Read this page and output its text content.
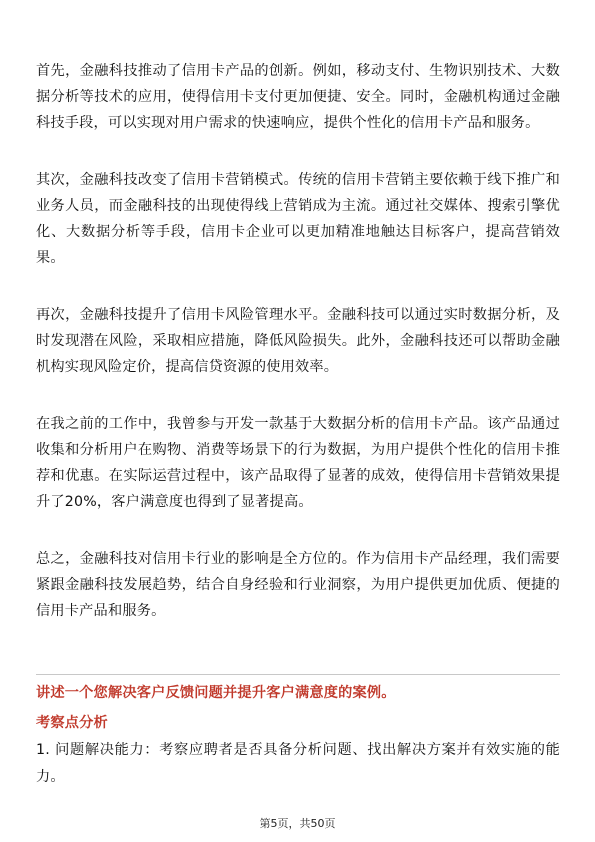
首先，金融科技推动了信用卡产品的创新。例如，移动支付、生物识别技术、大数据分析等技术的应用，使得信用卡支付更加便捷、安全。同时，金融机构通过金融科技手段，可以实现对用户需求的快速响应，提供个性化的信用卡产品和服务。

其次，金融科技改变了信用卡营销模式。传统的信用卡营销主要依赖于线下推广和业务人员，而金融科技的出现使得线上营销成为主流。通过社交媒体、搜索引擎优化、大数据分析等手段，信用卡企业可以更加精准地触达目标客户，提高营销效果。

再次，金融科技提升了信用卡风险管理水平。金融科技可以通过实时数据分析，及时发现潜在风险，采取相应措施，降低风险损失。此外，金融科技还可以帮助金融机构实现风险定价，提高信贷资源的使用效率。

在我之前的工作中，我曾参与开发一款基于大数据分析的信用卡产品。该产品通过收集和分析用户在购物、消费等场景下的行为数据，为用户提供个性化的信用卡推荐和优惠。在实际运营过程中，该产品取得了显著的成效，使得信用卡营销效果提升了20%，客户满意度也得到了显著提高。

总之，金融科技对信用卡行业的影响是全方位的。作为信用卡产品经理，我们需要紧跟金融科技发展趋势，结合自身经验和行业洞察，为用户提供更加优质、便捷的信用卡产品和服务。

讲述一个您解决客户反馈问题并提升客户满意度的案例。
考察点分析
1. 问题解决能力：考察应聘者是否具备分析问题、找出解决方案并有效实施的能力。
第5页，共50页
